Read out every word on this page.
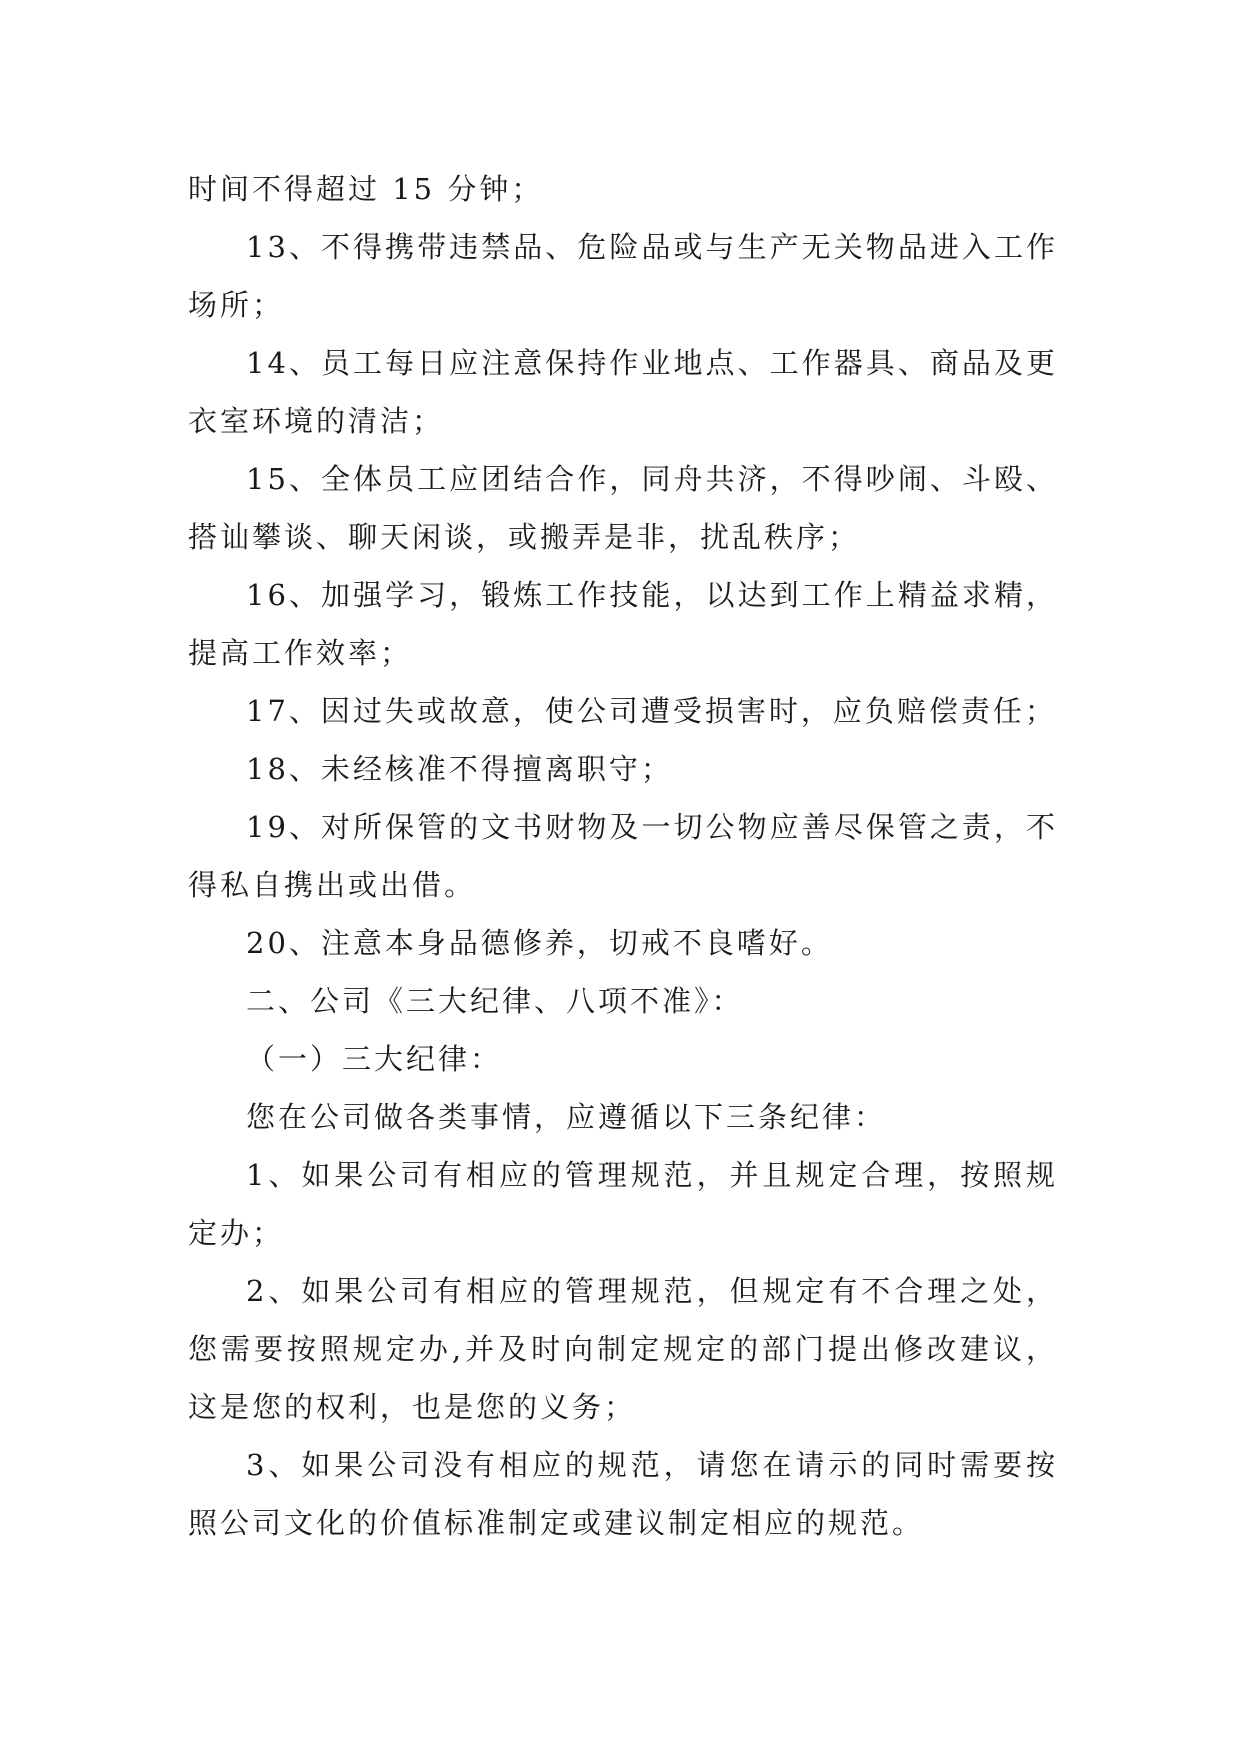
时间不得超过 15 分钟；

13、不得携带违禁品、危险品或与生产无关物品进入工作场所；

14、员工每日应注意保持作业地点、工作器具、商品及更衣室环境的清洁；

15、全体员工应团结合作，同舟共济，不得吵闹、斗殴、搭讪攀谈、聊天闲谈，或搬弄是非，扰乱秩序；

16、加强学习，锻炼工作技能，以达到工作上精益求精，提高工作效率；

17、因过失或故意，使公司遭受损害时，应负赔偿责任；

18、未经核准不得擅离职守；

19、对所保管的文书财物及一切公物应善尽保管之责，不得私自携出或出借。

20、注意本身品德修养，切戒不良嗜好。

二、公司《三大纪律、八项不准》：

（一）三大纪律：

您在公司做各类事情，应遵循以下三条纪律：

1、如果公司有相应的管理规范，并且规定合理，按照规定办；

2、如果公司有相应的管理规范，但规定有不合理之处，您需要按照规定办,并及时向制定规定的部门提出修改建议，这是您的权利，也是您的义务；

3、如果公司没有相应的规范，请您在请示的同时需要按照公司文化的价值标准制定或建议制定相应的规范。
